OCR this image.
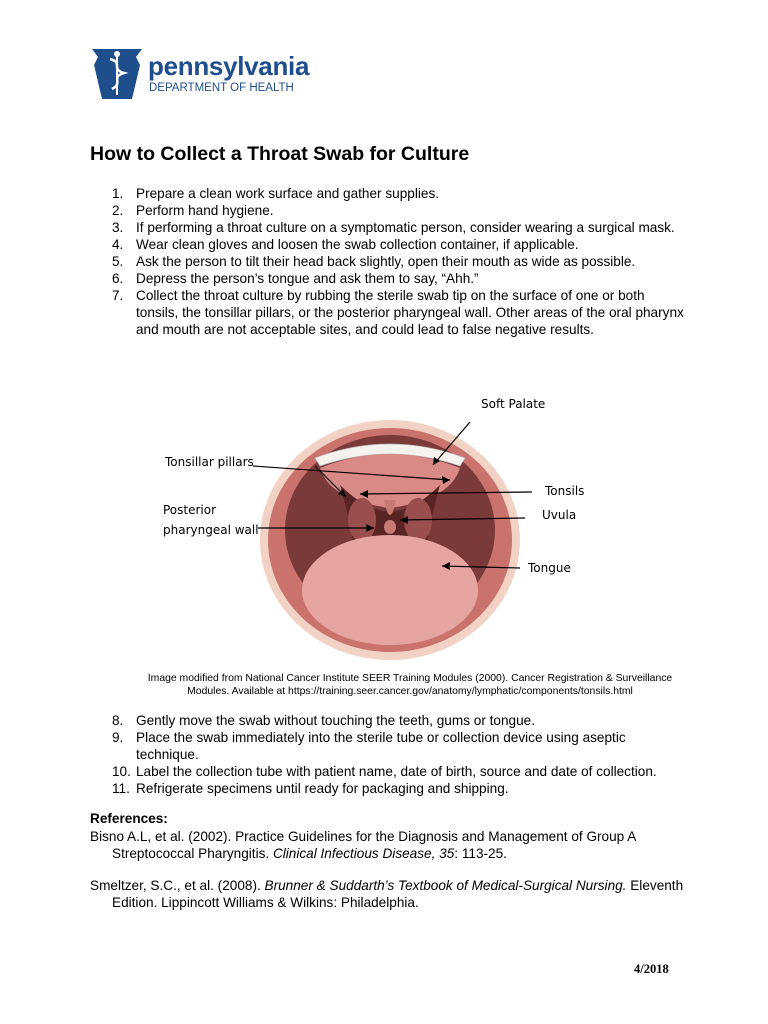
pennsylvania
DEPARTMENT OF HEALTH
How to Collect a Throat Swab for Culture
1. Prepare a clean work surface and gather supplies.
2. Perform hand hygiene.
3. If performing a throat culture on a symptomatic person, consider wearing a surgical mask.
4. Wear clean gloves and loosen the swab collection container, if applicable.
5. Ask the person to tilt their head back slightly, open their mouth as wide as possible.
6. Depress the person’s tongue and ask them to say, “Ahh.”
7. Collect the throat culture by rubbing the sterile swab tip on the surface of one or both tonsils, the tonsillar pillars, or the posterior pharyngeal wall. Other areas of the oral pharynx and mouth are not acceptable sites, and could lead to false negative results.
Soft Palate
Tonsillar pillars
Tonsils
Posterior
pharyngeal wall
Uvula
Tongue
Image modified from National Cancer Institute SEER Training Modules (2000). Cancer Registration & Surveillance
Modules. Available at https://training.seer.cancer.gov/anatomy/lymphatic/components/tonsils.html
8. Gently move the swab without touching the teeth, gums or tongue.
9. Place the swab immediately into the sterile tube or collection device using aseptic technique.
10. Label the collection tube with patient name, date of birth, source and date of collection.
11. Refrigerate specimens until ready for packaging and shipping.
References:
Bisno A.L, et al. (2002). Practice Guidelines for the Diagnosis and Management of Group A Streptococcal Pharyngitis. Clinical Infectious Disease, 35: 113-25.
Smeltzer, S.C., et al. (2008). Brunner & Suddarth’s Textbook of Medical-Surgical Nursing. Eleventh Edition. Lippincott Williams & Wilkins: Philadelphia.
4/2018
